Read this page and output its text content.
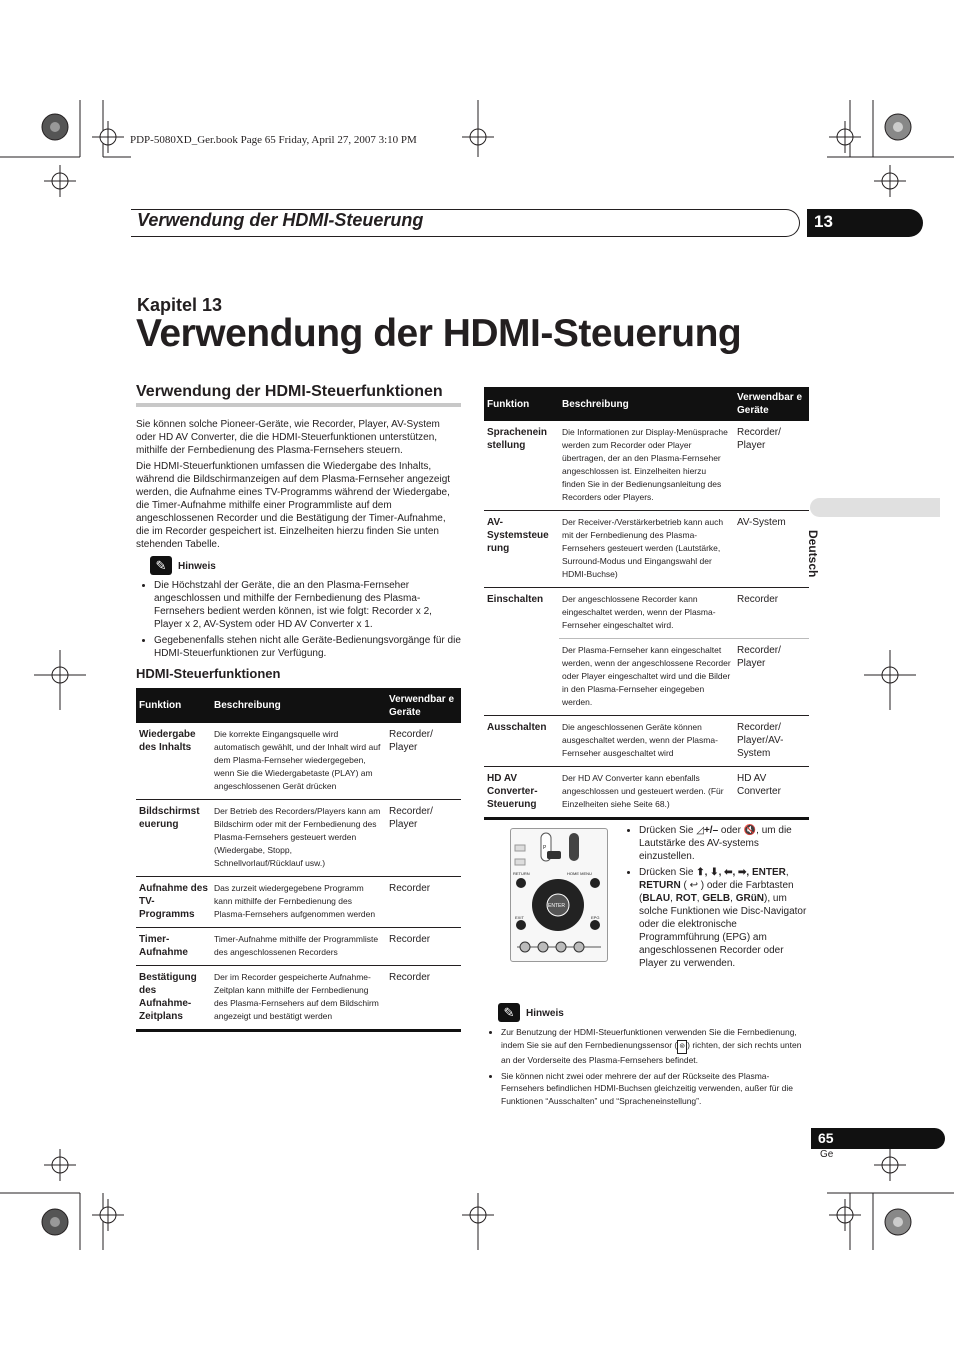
PDP-5080XD_Ger.book Page 65 Friday, April 27, 2007 3:10 PM
Verwendung der HDMI-Steuerung	13
Kapitel 13
Verwendung der HDMI-Steuerung
Verwendung der HDMI-Steuerfunktionen
Sie können solche Pioneer-Geräte, wie Recorder, Player, AV-System oder HD AV Converter, die die HDMI-Steuerfunktionen unterstützen, mithilfe der Fernbedienung des Plasma-Fernsehers steuern.
Die HDMI-Steuerfunktionen umfassen die Wiedergabe des Inhalts, während die Bildschirmanzeigen auf dem Plasma-Fernseher angezeigt werden, die Aufnahme eines TV-Programms während der Wiedergabe, die Timer-Aufnahme mithilfe einer Programmliste auf dem angeschlossenen Recorder und die Bestätigung der Timer-Aufnahme, die im Recorder gespeichert ist. Einzelheiten hierzu finden Sie unten stehenden Tabelle.
✎	Hinweis
• Die Höchstzahl der Geräte, die an den Plasma-Fernseher angeschlossen und mithilfe der Fernbedienung des Plasma-Fernsehers bedient werden können, ist wie folgt: Recorder x 2, Player x 2, AV-System oder HD AV Converter x 1.
• Gegebenenfalls stehen nicht alle Geräte-Bedienungsvorgänge für die HDMI-Steuerfunktionen zur Verfügung.
HDMI-Steuerfunktionen
Funktion	Beschreibung	Verwendbar e Geräte
Wiedergabe des Inhalts	Die korrekte Eingangsquelle wird automatisch gewählt, und der Inhalt wird auf dem Plasma-Fernseher wiedergegeben, wenn Sie die Wiedergabetaste (PLAY) am angeschlossenen Gerät drücken	Recorder/ Player
Bildschirmst euerung	Der Betrieb des Recorders/Players kann am Bildschirm oder mit der Fernbedienung des Plasma-Fernsehers gesteuert werden (Wiedergabe, Stopp, Schnellvorlauf/Rücklauf usw.)	Recorder/ Player
Aufnahme des TV-Programms	Das zurzeit wiedergegebene Programm kann mithilfe der Fernbedienung des Plasma-Fernsehers aufgenommen werden	Recorder
Timer-Aufnahme	Timer-Aufnahme mithilfe der Programmliste des angeschlossenen Recorders	Recorder
Bestätigung des Aufnahme-Zeitplans	Der im Recorder gespeicherte Aufnahme-Zeitplan kann mithilfe der Fernbedienung des Plasma-Fernsehers auf dem Bildschirm angezeigt und bestätigt werden	Recorder
Funktion	Beschreibung	Verwendbar e Geräte
Sprachenein stellung	Die Informationen zur Display-Menüsprache werden zum Recorder oder Player übertragen, der an den Plasma-Fernseher angeschlossen ist. Einzelheiten hierzu finden Sie in der Bedienungsanleitung des Recorders oder Players.	Recorder/ Player
AV-Systemsteue rung	Der Receiver-/Verstärkerbetrieb kann auch mit der Fernbedienung des Plasma-Fernsehers gesteuert werden (Lautstärke, Surround-Modus und Eingangswahl der HDMI-Buchse)	AV-System
Einschalten	Der angeschlossene Recorder kann eingeschaltet werden, wenn der Plasma-Fernseher eingeschaltet wird.	Recorder
	Der Plasma-Fernseher kann eingeschaltet werden, wenn der angeschlossene Recorder oder Player eingeschaltet wird und die Bilder in den Plasma-Fernseher eingegeben werden.	Recorder/ Player
Ausschalten	Die angeschlossenen Geräte können ausgeschaltet werden, wenn der Plasma-Fernseher ausgeschaltet wird	Recorder/ Player/AV-System
HD AV Converter-Steuerung	Der HD AV Converter kann ebenfalls angeschlossen und gesteuert werden. (Für Einzelheiten siehe Seite 68.)	HD AV Converter
ENTER
RETURN	HOME MENU
EXIT	EPG
P
• Drücken Sie ◿+/– oder 🔇, um die Lautstärke des AV-systems einzustellen.
• Drücken Sie ⬆, ⬇, ⬅, ➡, ENTER, RETURN ( ↩ ) oder die Farbtasten (BLAU, ROT, GELB, GRüN), um solche Funktionen wie Disc-Navigator oder die elektronische Programmführung (EPG) am angeschlossenen Recorder oder Player zu verwenden.
✎	Hinweis
• Zur Benutzung der HDMI-Steuerfunktionen verwenden Sie die Fernbedienung, indem Sie sie auf den Fernbedienungssensor ( ⊚ ) richten, der sich rechts unten an der Vorderseite des Plasma-Fernsehers befindet.
• Sie können nicht zwei oder mehrere der auf der Rückseite des Plasma-Fernsehers befindlichen HDMI-Buchsen gleichzeitig verwenden, außer für die Funktionen “Ausschalten” und “Spracheneinstellung”.
Deutsch
65
Ge
